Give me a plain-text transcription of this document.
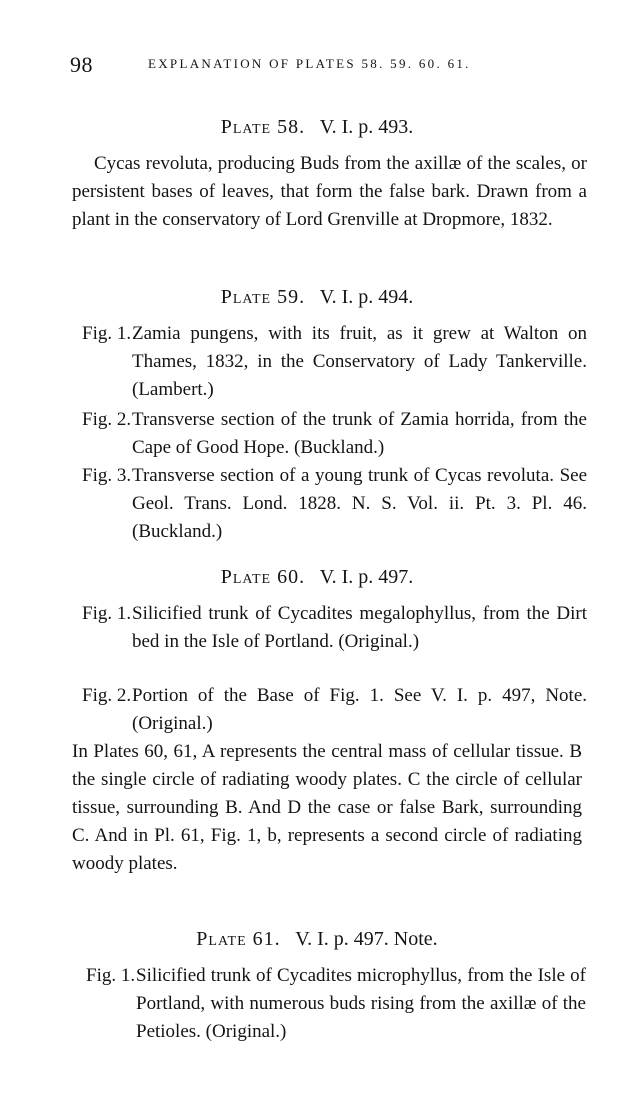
98	EXPLANATION OF PLATES 58. 59. 60. 61.
Plate 58. V. I. p. 493.
Cycas revoluta, producing Buds from the axillæ of the scales, or persistent bases of leaves, that form the false bark. Drawn from a plant in the conservatory of Lord Grenville at Dropmore, 1832.
Plate 59. V. I. p. 494.
Fig. 1. Zamia pungens, with its fruit, as it grew at Walton on Thames, 1832, in the Conservatory of Lady Tankerville. (Lambert.)
Fig. 2. Transverse section of the trunk of Zamia horrida, from the Cape of Good Hope. (Buckland.)
Fig. 3. Transverse section of a young trunk of Cycas revoluta. See Geol. Trans. Lond. 1828. N. S. Vol. ii. Pt. 3. Pl. 46. (Buckland.)
Plate 60. V. I. p. 497.
Fig. 1. Silicified trunk of Cycadites megalophyllus, from the Dirt bed in the Isle of Portland. (Original.)
Fig. 2. Portion of the Base of Fig. 1. See V. I. p. 497, Note. (Original.)
In Plates 60, 61, A represents the central mass of cellular tissue. B the single circle of radiating woody plates. C the circle of cellular tissue, surrounding B. And D the case or false Bark, surrounding C. And in Pl. 61, Fig. 1, b, represents a second circle of radiating woody plates.
Plate 61. V. I. p. 497. Note.
Fig. 1. Silicified trunk of Cycadites microphyllus, from the Isle of Portland, with numerous buds rising from the axillæ of the Petioles. (Original.)
